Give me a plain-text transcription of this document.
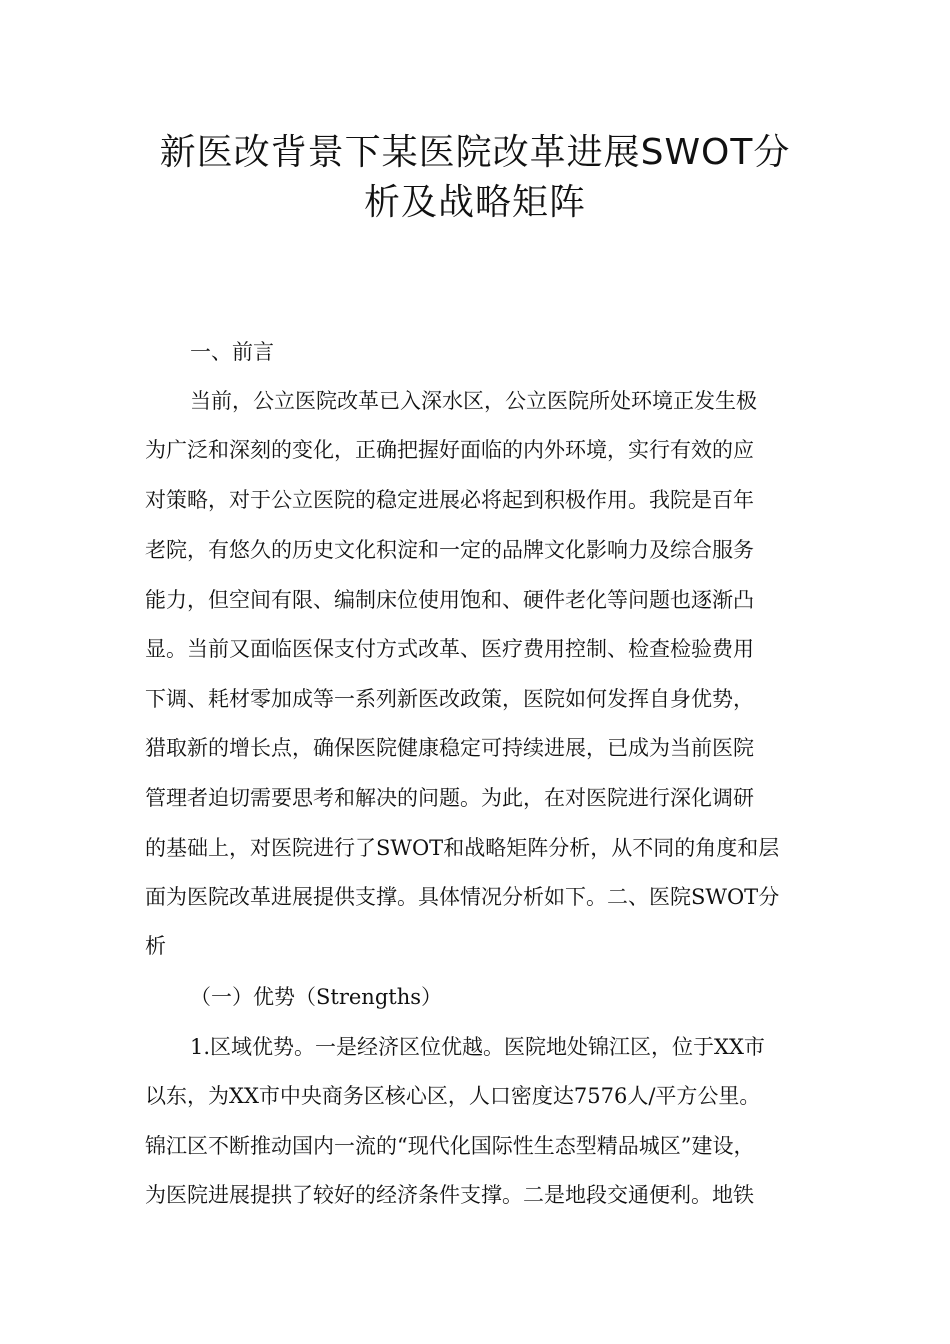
新医改背景下某医院改革进展SWOT分
析及战略矩阵

一、前言

当前，公立医院改革已入深水区，公立医院所处环境正发生极

为广泛和深刻的变化，正确把握好面临的内外环境，实行有效的应

对策略，对于公立医院的稳定进展必将起到积极作用。我院是百年

老院，有悠久的历史文化积淀和一定的品牌文化影响力及综合服务

能力，但空间有限、编制床位使用饱和、硬件老化等问题也逐渐凸

显。当前又面临医保支付方式改革、医疗费用控制、检查检验费用

下调、耗材零加成等一系列新医改政策，医院如何发挥自身优势，

猎取新的增长点，确保医院健康稳定可持续进展，已成为当前医院

管理者迫切需要思考和解决的问题。为此，在对医院进行深化调研

的基础上，对医院进行了SWOT和战略矩阵分析，从不同的角度和层

面为医院改革进展提供支撑。具体情况分析如下。二、医院SWOT分

析

（一）优势（Strengths）

1.区域优势。一是经济区位优越。医院地处锦江区，位于XX市

以东，为XX市中央商务区核心区，人口密度达7576人/平方公里。

锦江区不断推动国内一流的“现代化国际性生态型精品城区”建设，

为医院进展提拱了较好的经济条件支撑。二是地段交通便利。地铁
